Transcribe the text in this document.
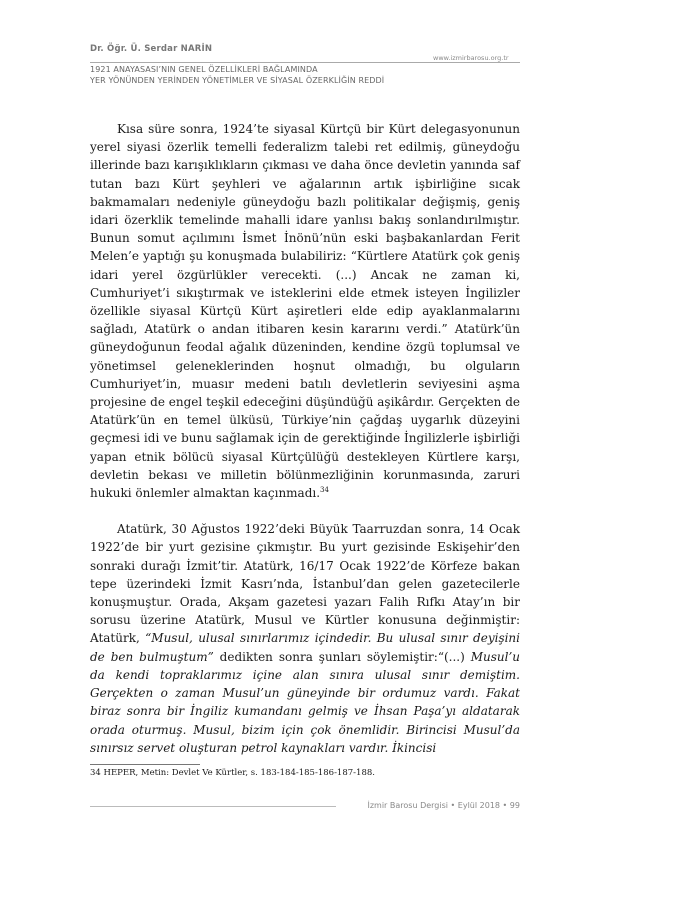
Dr. Öğr. Ü. Serdar NARİN
www.izmirbarosu.org.tr
1921 ANAYASASI’NIN GENEL ÖZELLİKLERİ BAĞLAMINDA
YER YÖNÜNDEN YERİNDEN YÖNETİMLER VE SİYASAL ÖZERKLİĞİN REDDİ

Kısa süre sonra, 1924’te siyasal Kürtçü bir Kürt delegasyonunun yerel siyasi özerlik temelli federalizm talebi ret edilmiş, güneydoğu illerinde bazı karışıklıkların çıkması ve daha önce devletin yanında saf tutan bazı Kürt şeyhleri ve ağalarının artık işbirliğine sıcak bakmamaları nedeniyle güneydoğu bazlı politikalar değişmiş, geniş idari özerklik temelinde mahalli idare yanlısı bakış sonlandırılmıştır. Bunun somut açılımını İsmet İnönü’nün eski başbakanlardan Ferit Melen’e yaptığı şu konuşmada bulabiliriz: “Kürtlere Atatürk çok geniş idari yerel özgürlükler verecekti. (...) Ancak ne zaman ki, Cumhuriyet’i sıkıştırmak ve isteklerini elde etmek isteyen İngilizler özellikle siyasal Kürtçü Kürt aşiretleri elde edip ayaklanmalarını sağladı, Atatürk o andan itibaren kesin kararını verdi.” Atatürk’ün güneydoğunun feodal ağalık düzeninden, kendine özgü toplumsal ve yönetimsel geleneklerinden hoşnut olmadığı, bu olguların Cumhuriyet’in, muasır medeni batılı devletlerin seviyesini aşma projesine de engel teşkil edeceğini düşündüğü aşikârdır. Gerçekten de Atatürk’ün en temel ülküsü, Türkiye’nin çağdaş uygarlık düzeyini geçmesi idi ve bunu sağlamak için de gerektiğinde İngilizlerle işbirliği yapan etnik bölücü siyasal Kürtçülüğü destekleyen Kürtlere karşı, devletin bekası ve milletin bölünmezliğinin korunmasında, zaruri hukuki önlemler almaktan kaçınmadı.$^{34}$

Atatürk, 30 Ağustos 1922’deki Büyük Taarruzdan sonra, 14 Ocak 1922’de bir yurt gezisine çıkmıştır. Bu yurt gezisinde Eskişehir’den sonraki durağı İzmit’tir. Atatürk, 16/17 Ocak 1922’de Körfeze bakan tepe üzerindeki İzmit Kasrı’nda, İstanbul’dan gelen gazetecilerle konuşmuştur. Orada, Akşam gazetesi yazarı Falih Rıfkı Atay’ın bir sorusu üzerine Atatürk, Musul ve Kürtler konusuna değinmiştir: Atatürk, “Musul, ulusal sınırlarımız içindedir. Bu ulusal sınır deyişini de ben bulmuştum” dedikten sonra şunları söylemiştir:“(...) Musul’u da kendi topraklarımız içine alan sınıra ulusal sınır demiştim. Gerçekten o zaman Musul’un güneyinde bir ordumuz vardı. Fakat biraz sonra bir İngiliz kumandanı gelmiş ve İhsan Paşa’yı aldatarak orada oturmuş. Musul, bizim için çok önemlidir. Birincisi Musul’da sınırsız servet oluşturan petrol kaynakları vardır. İkincisi

34 HEPER, Metin: Devlet Ve Kürtler, s. 183-184-185-186-187-188.
İzmir Barosu Dergisi • Eylül 2018 • 99
